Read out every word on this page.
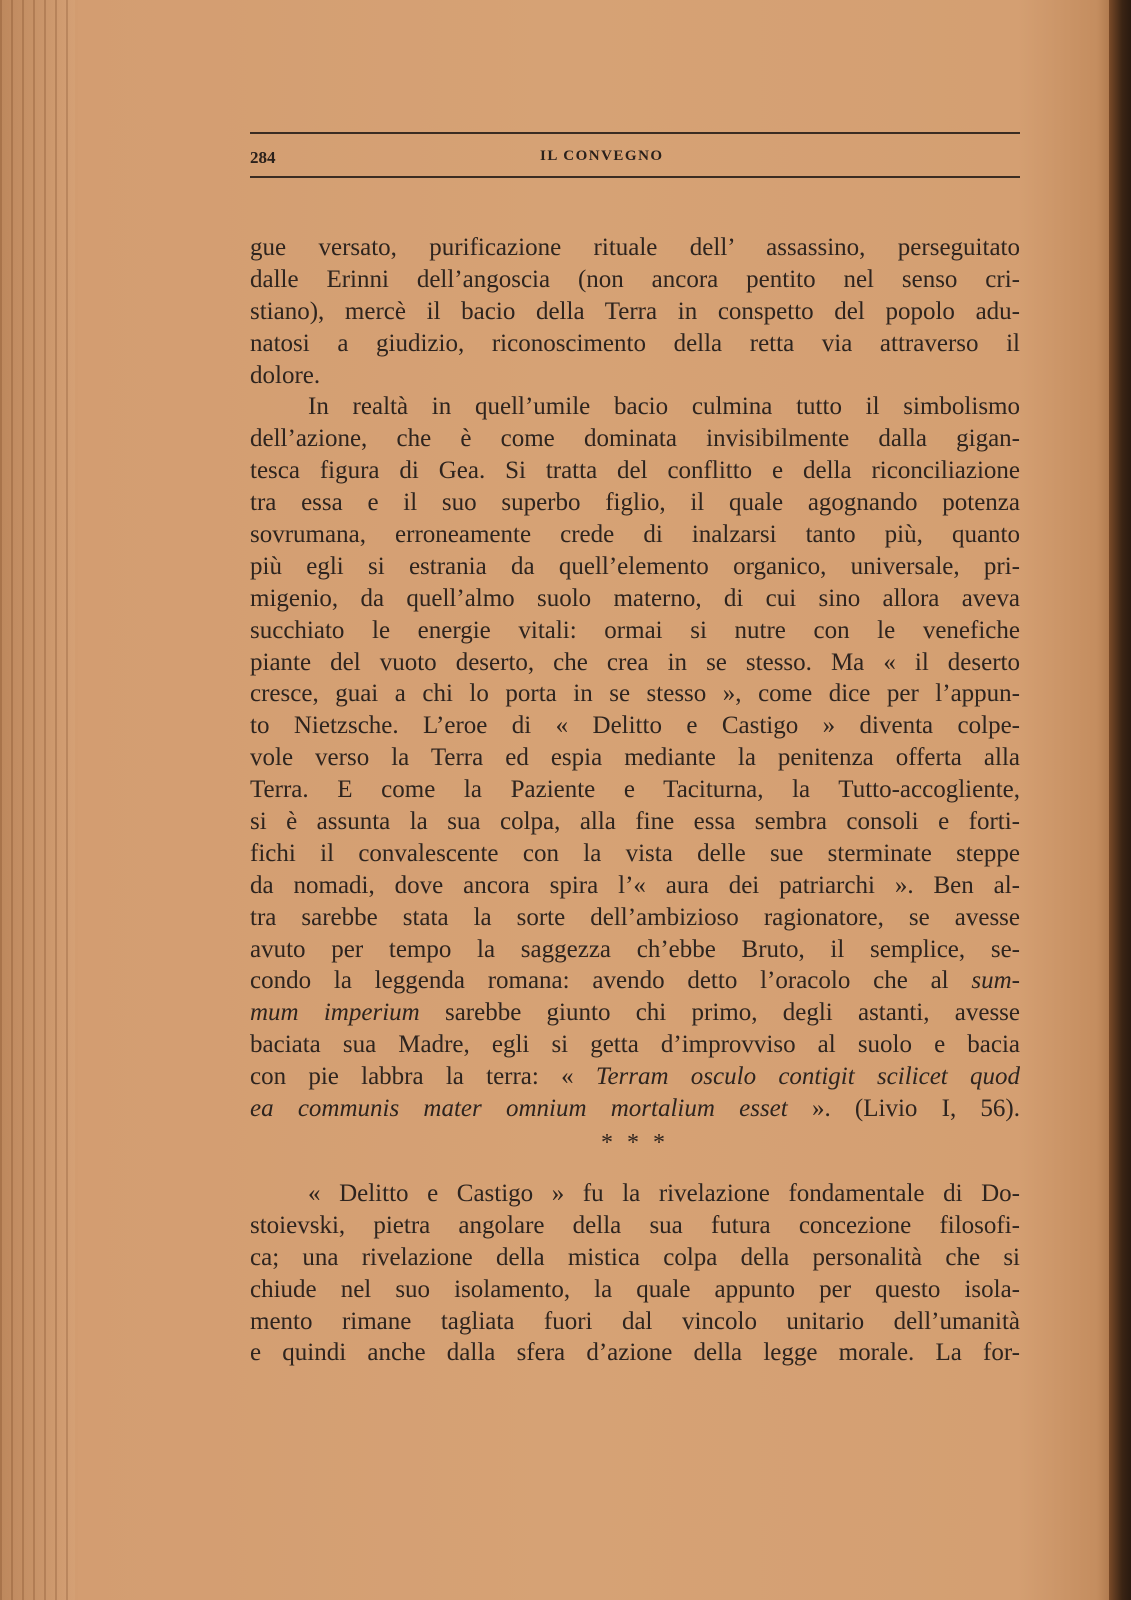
284	IL CONVEGNO
gue versato, purificazione rituale dell’ assassino, perseguitato
dalle Erinni dell’angoscia (non ancora pentito nel senso cri-
stiano), mercè il bacio della Terra in conspetto del popolo adu-
natosi a giudizio, riconoscimento della retta via attraverso il
dolore.
In realtà in quell’umile bacio culmina tutto il simbolismo
dell’azione, che è come dominata invisibilmente dalla gigan-
tesca figura di Gea. Si tratta del conflitto e della riconciliazione
tra essa e il suo superbo figlio, il quale agognando potenza
sovrumana, erroneamente crede di inalzarsi tanto più, quanto
più egli si estrania da quell’elemento organico, universale, pri-
migenio, da quell’almo suolo materno, di cui sino allora aveva
succhiato le energie vitali: ormai si nutre con le venefiche
piante del vuoto deserto, che crea in se stesso. Ma « il deserto
cresce, guai a chi lo porta in se stesso », come dice per l’appun-
to Nietzsche. L’eroe di « Delitto e Castigo » diventa colpe-
vole verso la Terra ed espia mediante la penitenza offerta alla
Terra. E come la Paziente e Taciturna, la Tutto-accogliente,
si è assunta la sua colpa, alla fine essa sembra consoli e forti-
fichi il convalescente con la vista delle sue sterminate steppe
da nomadi, dove ancora spira l’« aura dei patriarchi ». Ben al-
tra sarebbe stata la sorte dell’ambizioso ragionatore, se avesse
avuto per tempo la saggezza ch’ebbe Bruto, il semplice, se-
condo la leggenda romana: avendo detto l’oracolo che al sum-
mum imperium sarebbe giunto chi primo, degli astanti, avesse
baciata sua Madre, egli si getta d’improvviso al suolo e bacia
con pie labbra la terra: « Terram osculo contigit scilicet quod
ea communis mater omnium mortalium esset ». (Livio I, 56).
* * *
« Delitto e Castigo » fu la rivelazione fondamentale di Do-
stoievski, pietra angolare della sua futura concezione filosofi-
ca; una rivelazione della mistica colpa della personalità che si
chiude nel suo isolamento, la quale appunto per questo isola-
mento rimane tagliata fuori dal vincolo unitario dell’umanità
e quindi anche dalla sfera d’azione della legge morale. La for-
